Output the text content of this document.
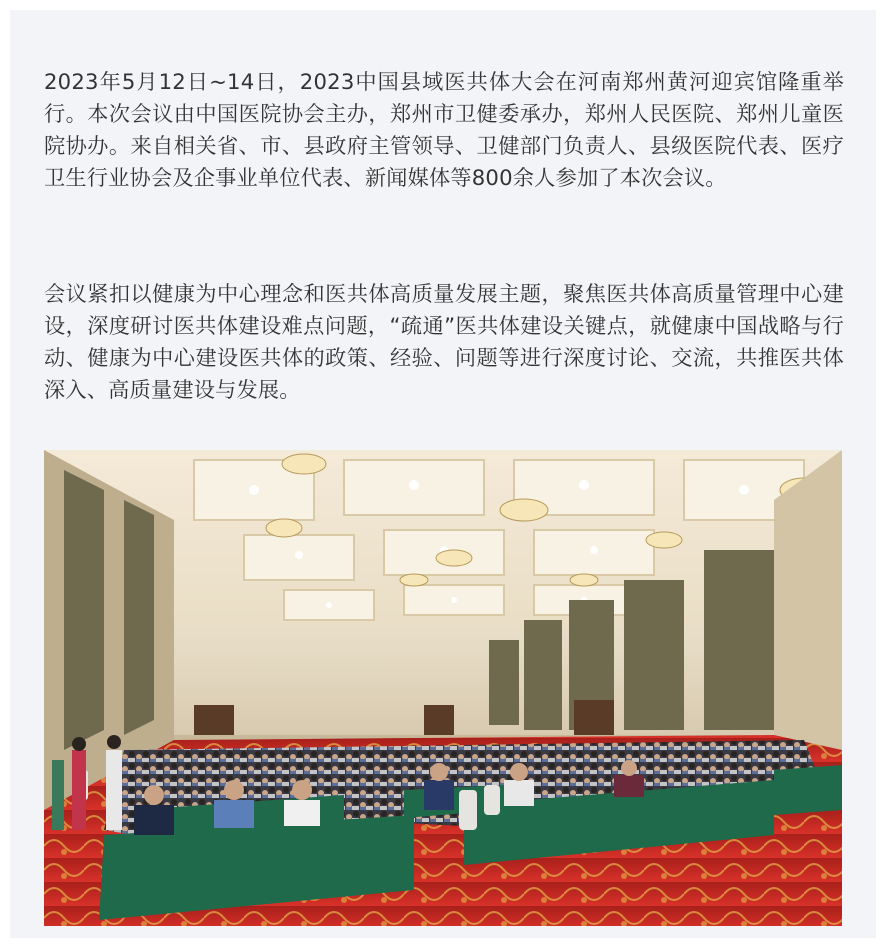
2023年5月12日~14日，2023中国县域医共体大会在河南郑州黄河迎宾馆隆重举行。本次会议由中国医院协会主办，郑州市卫健委承办，郑州人民医院、郑州儿童医院协办。来自相关省、市、县政府主管领导、卫健部门负责人、县级医院代表、医疗卫生行业协会及企事业单位代表、新闻媒体等800余人参加了本次会议。

会议紧扣以健康为中心理念和医共体高质量发展主题，聚焦医共体高质量管理中心建设，深度研讨医共体建设难点问题，“疏通”医共体建设关键点，就健康中国战略与行动、健康为中心建设医共体的政策、经验、问题等进行深度讨论、交流，共推医共体深入、高质量建设与发展。
